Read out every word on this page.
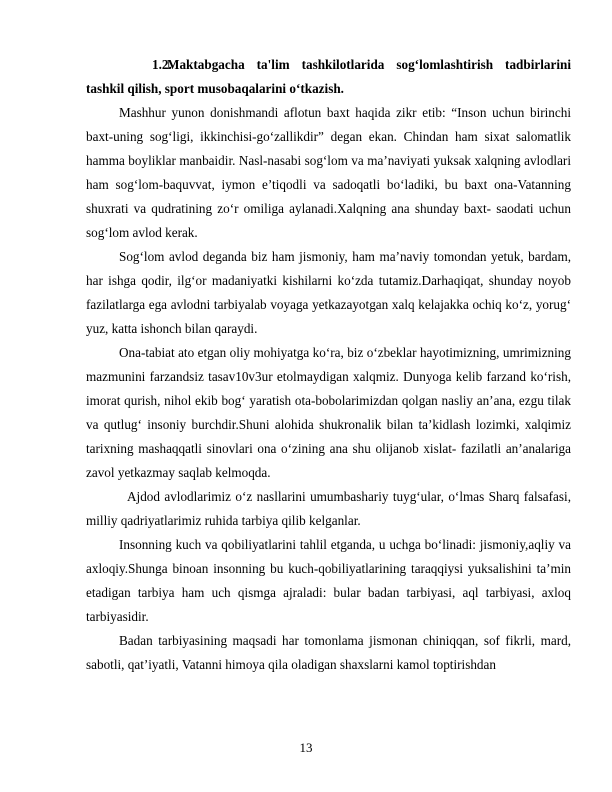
1.2.Maktabgacha ta'lim tashkilotlarida sog‘lomlashtirish tadbirlarini tashkil qilish, sport musobaqalarini o‘tkazish.

Mashhur yunon donishmandi aflotun baxt haqida zikr etib: “Inson uchun birinchi baxt-uning sog‘ligi, ikkinchisi-go‘zallikdir” degan ekan. Chindan ham sixat salomatlik hamma boyliklar manbaidir. Nasl-nasabi sog‘lom va ma’naviyati yuksak xalqning avlodlari ham sog‘lom-baquvvat, iymon e’tiqodli va sadoqatli bo‘ladiki, bu baxt ona-Vatanning shuxrati va qudratining zo‘r omiliga aylanadi.Xalqning ana shunday baxt- saodati uchun sog‘lom avlod kerak.

Sog‘lom avlod deganda biz ham jismoniy, ham ma’naviy tomondan yetuk, bardam, har ishga qodir, ilg‘or madaniyatki kishilarni ko‘zda tutamiz.Darhaqiqat, shunday noyob fazilatlarga ega avlodni tarbiyalab voyaga yetkazayotgan xalq kelajakka ochiq ko‘z, yorug‘ yuz, katta ishonch bilan qaraydi.

Ona-tabiat ato etgan oliy mohiyatga ko‘ra, biz o‘zbeklar hayotimizning, umrimizning mazmunini farzandsiz tasav10v3ur etolmaydigan xalqmiz. Dunyoga kelib farzand ko‘rish, imorat qurish, nihol ekib bog‘ yaratish ota-bobolarimizdan qolgan nasliy an’ana, ezgu tilak va qutlug‘ insoniy burchdir.Shuni alohida shukronalik bilan ta’kidlash lozimki, xalqimiz tarixning mashaqqatli sinovlari ona o‘zining ana shu olijanob xislat- fazilatli an’analariga zavol yetkazmay saqlab kelmoqda.

Ajdod avlodlarimiz o‘z nasllarini umumbashariy tuyg‘ular, o‘lmas Sharq falsafasi, milliy qadriyatlarimiz ruhida tarbiya qilib kelganlar.

Insonning kuch va qobiliyatlarini tahlil etganda, u uchga bo‘linadi: jismoniy,aqliy va axloqiy.Shunga binoan insonning bu kuch-qobiliyatlarining taraqqiysi yuksalishini ta’min etadigan tarbiya ham uch qismga ajraladi: bular badan tarbiyasi, aql tarbiyasi, axloq tarbiyasidir.

Badan tarbiyasining maqsadi har tomonlama jismonan chiniqqan, sof fikrli, mard, sabotli, qat’iyatli, Vatanni himoya qila oladigan shaxslarni kamol toptirishdan

13
